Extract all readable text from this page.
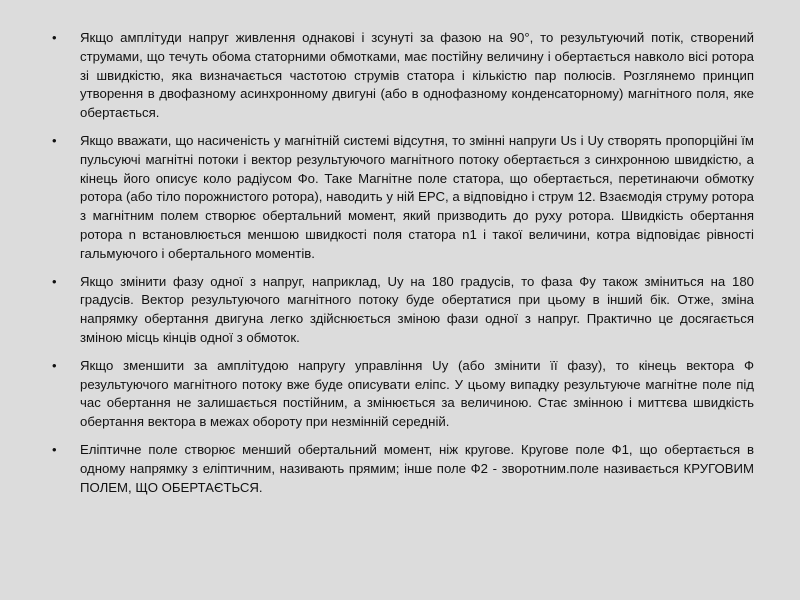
• Якщо амплітуди напруг живлення однакові і зсунуті за фазою на 90°, то результуючий потік, створений струмами, що течуть обома статорними обмотками, має постійну величину і обертається навколо вісі ротора зі швидкістю, яка визначається частотою струмів статора і кількістю пар полюсів. Розглянемо принцип утворення в двофазному асинхронному двигуні (або в однофазному конденсаторному) магнітного поля, яке обертається.
• Якщо вважати, що насиченість у магнітній системі відсутня, то змінні напруги Us і Uy створять пропорційні їм пульсуючі магнітні потоки і вектор результуючого магнітного потоку обертається з синхронною швидкістю, а кінець його описує коло радіусом Фо. Таке Магнітне поле статора, що обертається, перетинаючи обмотку ротора (або тіло порожнистого ротора), наводить у ній ЕРС, а відповідно і струм 12. Взаємодія струму ротора з магнітним полем створює обертальний момент, який призводить до руху ротора. Швидкість обертання ротора n встановлюється меншою швидкості поля статора n1 і такої величини, котра відповідає рівності гальмуючого і обертального моментів.
• Якщо змінити фазу одної з напруг, наприклад, Uy на 180 градусів, то фаза Фу також зміниться на 180 градусів. Вектор результуючого магнітного потоку буде обертатися при цьому в інший бік. Отже, зміна напрямку обертання двигуна легко здійснюється зміною фази одної з напруг. Практично це досягається зміною місць кінців одної з обмоток.
• Якщо зменшити за амплітудою напругу управління Uy (або змінити її фазу), то кінець вектора Ф результуючого магнітного потоку вже буде описувати еліпс. У цьому випадку результуюче магнітне поле під час обертання не залишається постійним, а змінюється за величиною. Стає змінною і миттєва швидкість обертання вектора в межах обороту при незмінній середній.
• Еліптичне поле створює менший обертальний момент, ніж кругове. Кругове поле Ф1, що обертається в одному напрямку з еліптичним, називають прямим; інше поле Ф2 - зворотним.поле називається КРУГОВИМ ПОЛЕМ, ЩО ОБЕРТАЄТЬСЯ.
